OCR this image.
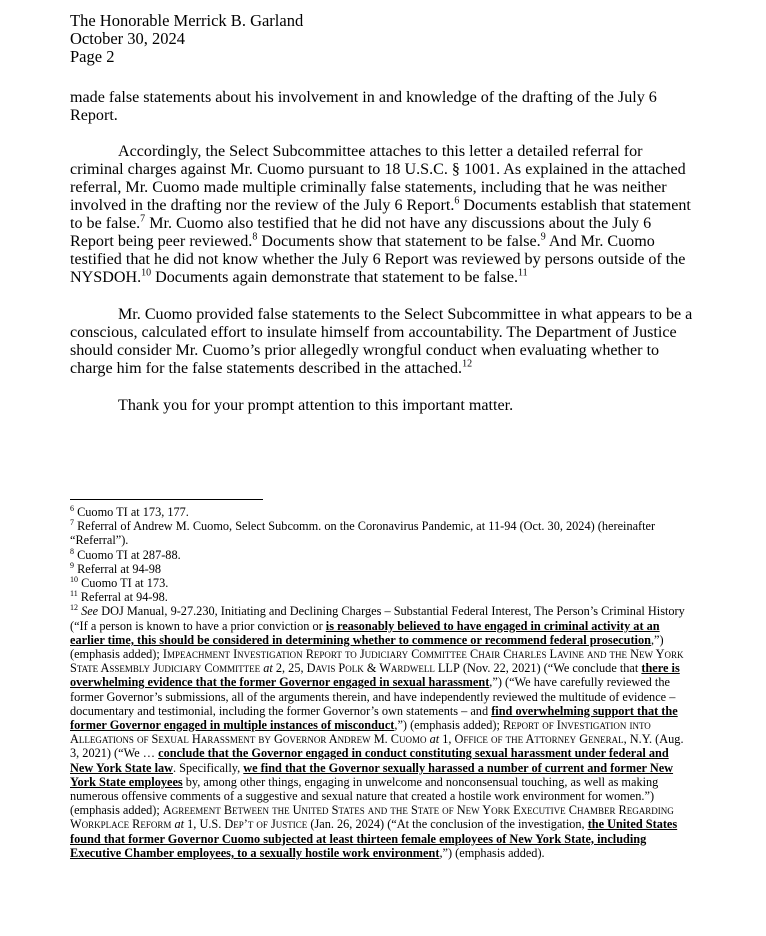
The Honorable Merrick B. Garland
October 30, 2024
Page 2

made false statements about his involvement in and knowledge of the drafting of the July 6 Report.

Accordingly, the Select Subcommittee attaches to this letter a detailed referral for criminal charges against Mr. Cuomo pursuant to 18 U.S.C. § 1001. As explained in the attached referral, Mr. Cuomo made multiple criminally false statements, including that he was neither involved in the drafting nor the review of the July 6 Report.$^6$ Documents establish that statement to be false.$^7$ Mr. Cuomo also testified that he did not have any discussions about the July 6 Report being peer reviewed.$^8$ Documents show that statement to be false.$^9$ And Mr. Cuomo testified that he did not know whether the July 6 Report was reviewed by persons outside of the NYSDOH.$^{10}$ Documents again demonstrate that statement to be false.$^{11}$

Mr. Cuomo provided false statements to the Select Subcommittee in what appears to be a conscious, calculated effort to insulate himself from accountability. The Department of Justice should consider Mr. Cuomo’s prior allegedly wrongful conduct when evaluating whether to charge him for the false statements described in the attached.$^{12}$

Thank you for your prompt attention to this important matter.

$^6$ Cuomo TI at 173, 177.

$^7$ Referral of Andrew M. Cuomo, Select Subcomm. on the Coronavirus Pandemic, at 11-94 (Oct. 30, 2024) (hereinafter “Referral”).

$^8$ Cuomo TI at 287-88.

$^9$ Referral at 94-98

$^{10}$ Cuomo TI at 173.

$^{11}$ Referral at 94-98.

$^{12}$ See DOJ Manual, 9-27.230, Initiating and Declining Charges – Substantial Federal Interest, The Person’s Criminal History (“If a person is known to have a prior conviction or is reasonably believed to have engaged in criminal activity at an earlier time, this should be considered in determining whether to commence or recommend federal prosecution,”) (emphasis added); Impeachment Investigation Report to Judiciary Committee Chair Charles Lavine and the New York State Assembly Judiciary Committee at 2, 25, Davis Polk & Wardwell LLP (Nov. 22, 2021) (“We conclude that there is overwhelming evidence that the former Governor engaged in sexual harassment,”) (“We have carefully reviewed the former Governor’s submissions, all of the arguments therein, and have independently reviewed the multitude of evidence – documentary and testimonial, including the former Governor’s own statements – and find overwhelming support that the former Governor engaged in multiple instances of misconduct,”) (emphasis added); Report of Investigation into Allegations of Sexual Harassment by Governor Andrew M. Cuomo at 1, Office of the Attorney General, N.Y. (Aug. 3, 2021) (“We … conclude that the Governor engaged in conduct constituting sexual harassment under federal and New York State law. Specifically, we find that the Governor sexually harassed a number of current and former New York State employees by, among other things, engaging in unwelcome and nonconsensual touching, as well as making numerous offensive comments of a suggestive and sexual nature that created a hostile work environment for women.”) (emphasis added); Agreement Between the United States and the State of New York Executive Chamber Regarding Workplace Reform at 1, U.S. Dep’t of Justice (Jan. 26, 2024) (“At the conclusion of the investigation, the United States found that former Governor Cuomo subjected at least thirteen female employees of New York State, including Executive Chamber employees, to a sexually hostile work environment,”) (emphasis added).
